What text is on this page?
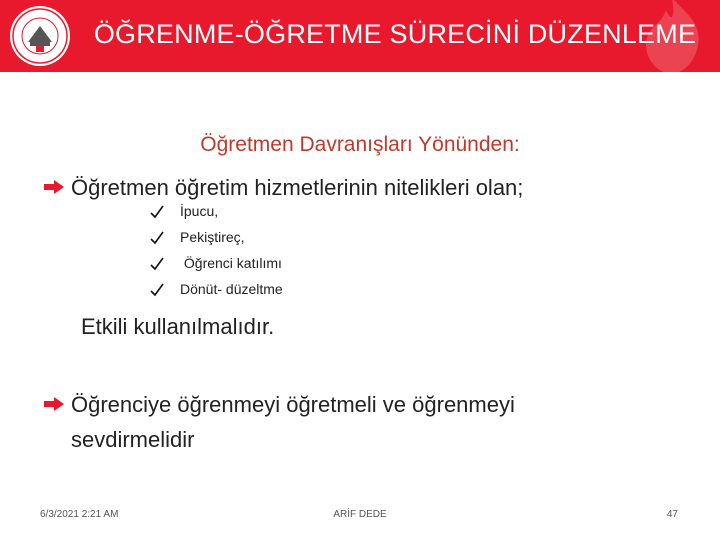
ÖĞRENME-ÖĞRETME SÜRECİNİ DÜZENLEME
Öğretmen Davranışları Yönünden:
Öğretmen öğretim hizmetlerinin nitelikleri olan;
İpucu,
Pekiştireç,
Öğrenci katılımı
Dönüt- düzeltme
Etkili kullanılmalıdır.
Öğrenciye öğrenmeyi öğretmeli ve öğrenmeyi
sevdirmelidir
6/3/2021 2:21 AM	ARİF DEDE	47
